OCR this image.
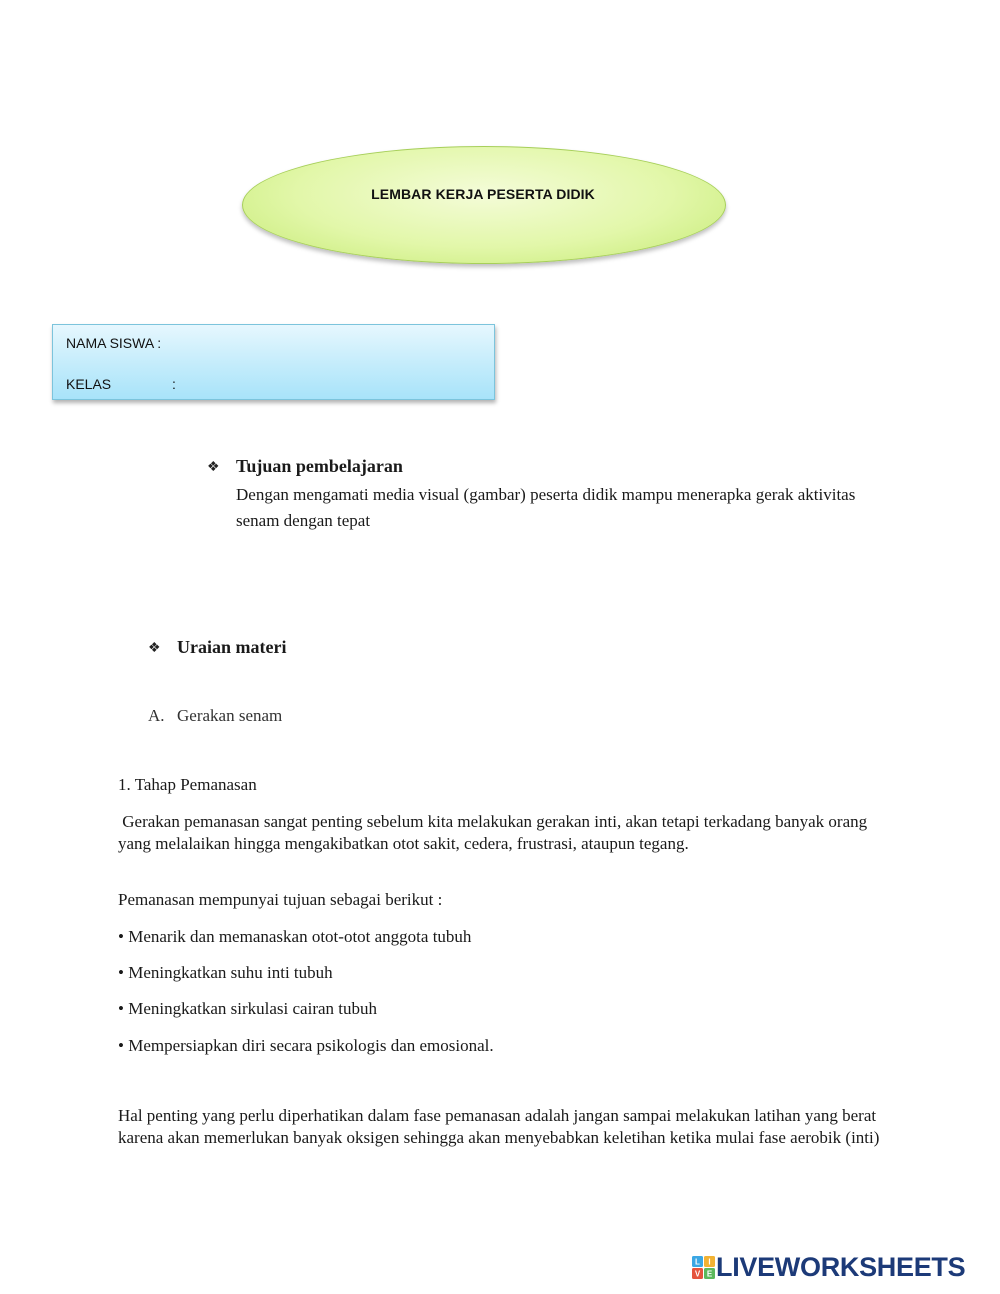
LEMBAR KERJA PESERTA DIDIK
NAMA SISWA :
KELAS	:
❖ Tujuan pembelajaran
Dengan mengamati media visual (gambar) peserta didik mampu menerapka gerak aktivitas senam dengan tepat
❖ Uraian materi
A. Gerakan senam
1. Tahap Pemanasan
Gerakan pemanasan sangat penting sebelum kita melakukan gerakan inti, akan tetapi terkadang banyak orang yang melalaikan hingga mengakibatkan otot sakit, cedera, frustrasi, ataupun tegang.
Pemanasan mempunyai tujuan sebagai berikut :
• Menarik dan memanaskan otot-otot anggota tubuh
• Meningkatkan suhu inti tubuh
• Meningkatkan sirkulasi cairan tubuh
• Mempersiapkan diri secara psikologis dan emosional.
Hal penting yang perlu diperhatikan dalam fase pemanasan adalah jangan sampai melakukan latihan yang berat karena akan memerlukan banyak oksigen sehingga akan menyebabkan keletihan ketika mulai fase aerobik (inti)
L I
V E LIVEWORKSHEETS
